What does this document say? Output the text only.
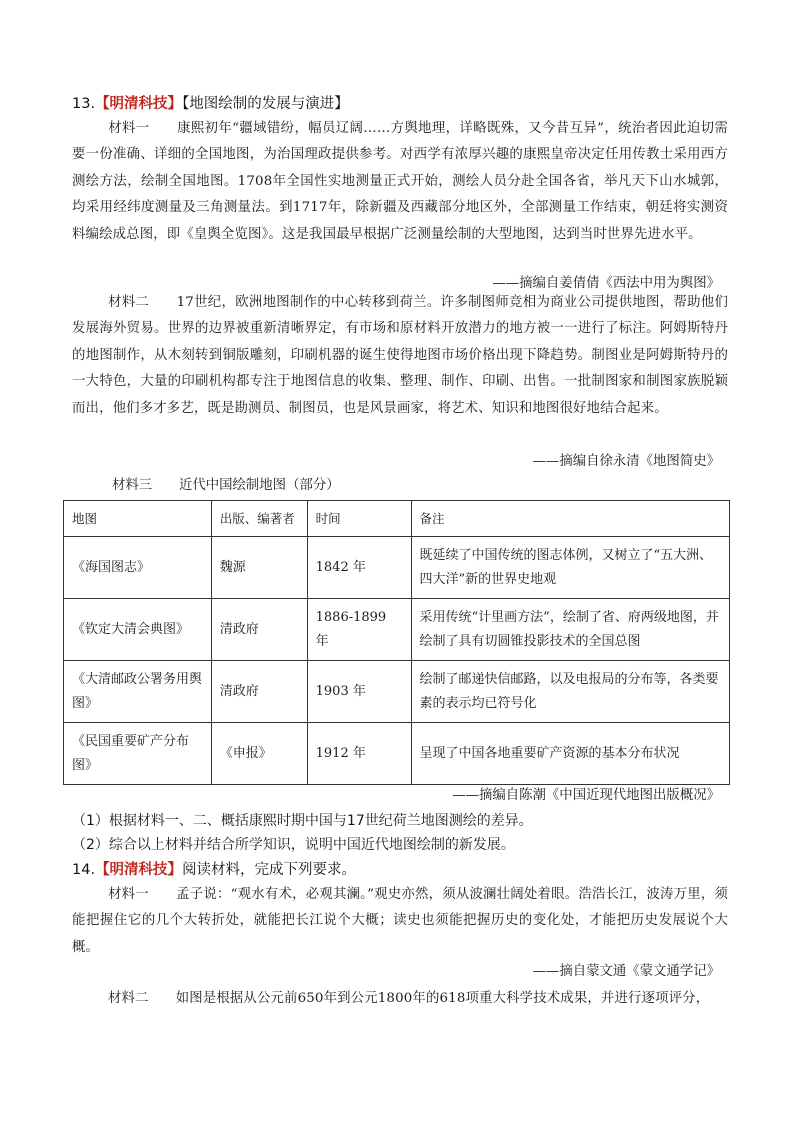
13.【明清科技】【地图绘制的发展与演进】
材料一　　 康熙初年“疆域错纷，幅员辽阔……方舆地理，详略既殊，又今昔互异”，统治者因此迫切需要一份准确、详细的全国地图，为治国理政提供参考。对西学有浓厚兴趣的康熙皇帝决定任用传教士采用西方测绘方法，绘制全国地图。1708年全国性实地测量正式开始，测绘人员分赴全国各省，举凡天下山水城郭，均采用经纬度测量及三角测量法。到1717年，除新疆及西藏部分地区外，全部测量工作结束，朝廷将实测资料编绘成总图，即《皇舆全览图》。这是我国最早根据广泛测量绘制的大型地图，达到当时世界先进水平。
——摘编自姜倩倩《西法中用为舆图》
材料二　　 17世纪，欧洲地图制作的中心转移到荷兰。许多制图师竞相为商业公司提供地图，帮助他们发展海外贸易。世界的边界被重新清晰界定，有市场和原材料开放潜力的地方被一一进行了标注。阿姆斯特丹的地图制作，从木刻转到铜版雕刻，印刷机器的诞生使得地图市场价格出现下降趋势。制图业是阿姆斯特丹的一大特色，大量的印刷机构都专注于地图信息的收集、整理、制作、印刷、出售。一批制图家和制图家族脱颖而出，他们多才多艺，既是勘测员、制图员，也是风景画家，将艺术、知识和地图很好地结合起来。
——摘编自徐永清《地图简史》
材料三　　近代中国绘制地图（部分）
地图	出版、编著者	时间	备注
《海国图志》	魏源	1842 年	既延续了中国传统的图志体例，又树立了“五大洲、四大洋”新的世界史地观
《钦定大清会典图》	清政府	1886-1899 年	采用传统“计里画方法”，绘制了省、府两级地图，并绘制了具有切圆锥投影技术的全国总图
《大清邮政公署务用舆图》	清政府	1903 年	绘制了邮递快信邮路，以及电报局的分布等，各类要素的表示均已符号化
《民国重要矿产分布图》	《申报》	1912 年	呈现了中国各地重要矿产资源的基本分布状况
——摘编自陈潮《中国近现代地图出版概况》
（1）根据材料一、二、概括康熙时期中国与17世纪荷兰地图测绘的差异。
（2）综合以上材料并结合所学知识，说明中国近代地图绘制的新发展。
14.【明清科技】阅读材料，完成下列要求。
材料一　　 孟子说：“观水有术，必观其澜。”观史亦然，须从波澜壮阔处着眼。浩浩长江，波涛万里，须能把握住它的几个大转折处，就能把长江说个大概；读史也须能把握历史的变化处，才能把历史发展说个大概。
——摘自蒙文通《蒙文通学记》
材料二　　 如图是根据从公元前650年到公元1800年的618项重大科学技术成果，并进行逐项评分，
